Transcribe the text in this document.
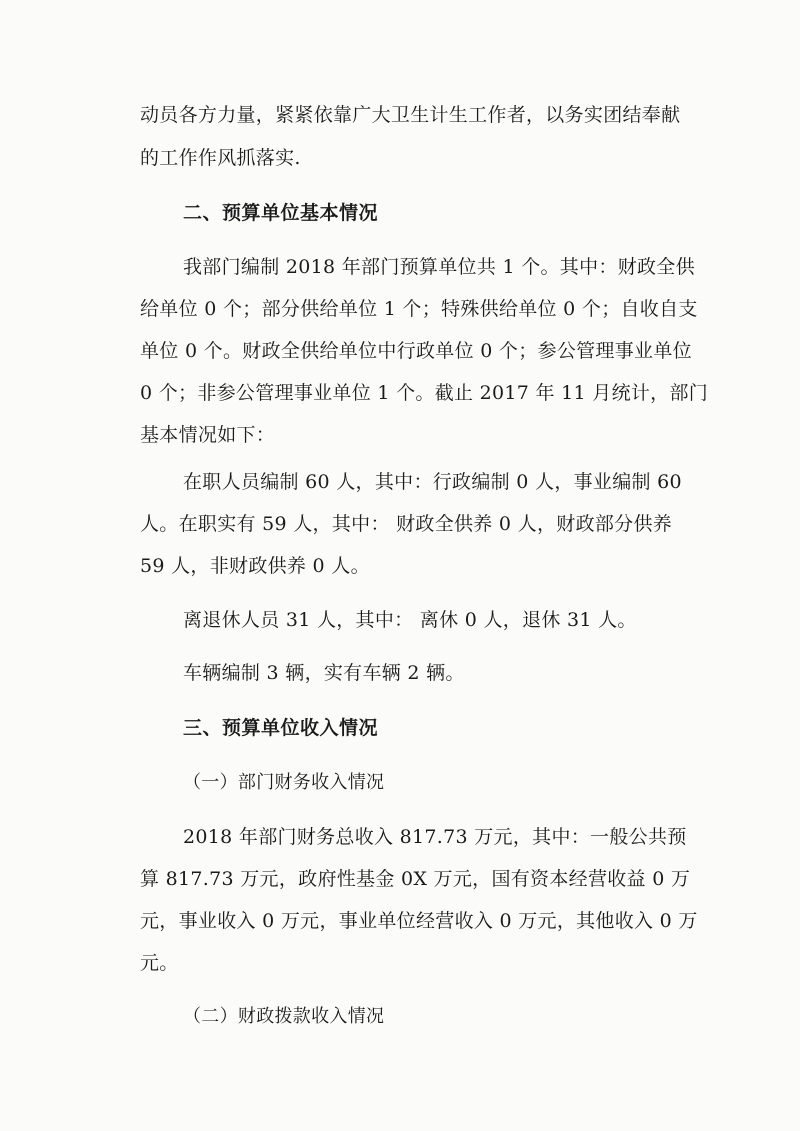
动员各方力量，紧紧依靠广大卫生计生工作者，以务实团结奉献
的工作作风抓落实.
二、预算单位基本情况
我部门编制 2018 年部门预算单位共 1 个。其中：财政全供
给单位 0 个；部分供给单位 1 个；特殊供给单位 0 个；自收自支
单位 0 个。财政全供给单位中行政单位 0 个；参公管理事业单位
0 个；非参公管理事业单位 1 个。截止 2017 年 11 月统计，部门
基本情况如下：
在职人员编制 60 人，其中：行政编制 0 人，事业编制 60
人。在职实有 59 人，其中： 财政全供养 0 人，财政部分供养
59 人，非财政供养 0 人。
离退休人员 31 人，其中： 离休 0 人，退休 31 人。
车辆编制 3 辆，实有车辆 2 辆。
三、预算单位收入情况
（一）部门财务收入情况
2018 年部门财务总收入 817.73 万元，其中：一般公共预
算 817.73 万元，政府性基金 0X 万元，国有资本经营收益 0 万
元，事业收入 0 万元，事业单位经营收入 0 万元，其他收入 0 万
元。
（二）财政拨款收入情况
